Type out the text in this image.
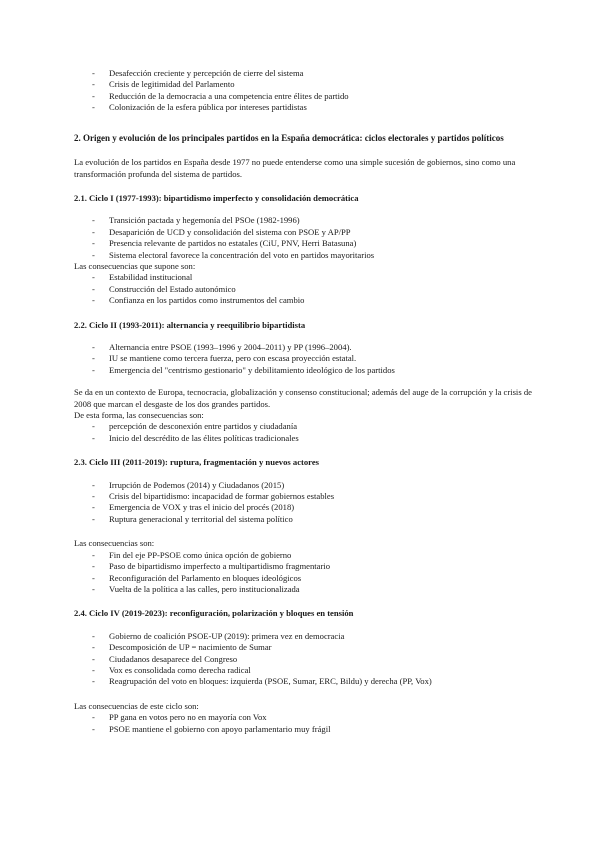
- Desafección creciente y percepción de cierre del sistema
- Crisis de legitimidad del Parlamento
- Reducción de la democracia a una competencia entre élites de partido
- Colonización de la esfera pública por intereses partidistas

2. Origen y evolución de los principales partidos en la España democrática: ciclos electorales y partidos políticos

La evolución de los partidos en España desde 1977 no puede entenderse como una simple sucesión de gobiernos, sino como una transformación profunda del sistema de partidos.

2.1. Ciclo I (1977-1993): bipartidismo imperfecto y consolidación democrática

- Transición pactada y hegemonía del PSOe (1982-1996)
- Desaparición de UCD y consolidación del sistema con PSOE y AP/PP
- Presencia relevante de partidos no estatales (CiU, PNV, Herri Batasuna)
- Sistema electoral favorece la concentración del voto en partidos mayoritarios

Las consecuencias que supone son:

- Estabilidad institucional
- Construcción del Estado autonómico
- Confianza en los partidos como instrumentos del cambio

2.2. Ciclo II (1993-2011): alternancia y reequilibrio bipartidista

- Alternancia entre PSOE (1993–1996 y 2004–2011) y PP (1996–2004).
- IU se mantiene como tercera fuerza, pero con escasa proyección estatal.
- Emergencia del "centrismo gestionario" y debilitamiento ideológico de los partidos

Se da en un contexto de Europa, tecnocracia, globalización y consenso constitucional; además del auge de la corrupción y la crisis de 2008 que marcan el desgaste de los dos grandes partidos.

De esta forma, las consecuencias son:

- percepción de desconexión entre partidos y ciudadanía
- Inicio del descrédito de las élites políticas tradicionales

2.3. Ciclo III (2011-2019): ruptura, fragmentación y nuevos actores

- Irrupción de Podemos (2014) y Ciudadanos (2015)
- Crisis del bipartidismo: incapacidad de formar gobiernos estables
- Emergencia de VOX y tras el inicio del procés (2018)
- Ruptura generacional y territorial del sistema político

Las consecuencias son:

- Fin del eje PP-PSOE como única opción de gobierno
- Paso de bipartidismo imperfecto a multipartidismo fragmentario
- Reconfiguración del Parlamento en bloques ideológicos
- Vuelta de la política a las calles, pero institucionalizada

2.4. Ciclo IV (2019-2023): reconfiguración, polarización y bloques en tensión

- Gobierno de coalición PSOE-UP (2019): primera vez en democracia
- Descomposición de UP = nacimiento de Sumar
- Ciudadanos desaparece del Congreso
- Vox es consolidada como derecha radical
- Reagrupación del voto en bloques: izquierda (PSOE, Sumar, ERC, Bildu) y derecha (PP, Vox)

Las consecuencias de este ciclo son:

- PP gana en votos pero no en mayoría con Vox
- PSOE mantiene el gobierno con apoyo parlamentario muy frágil
